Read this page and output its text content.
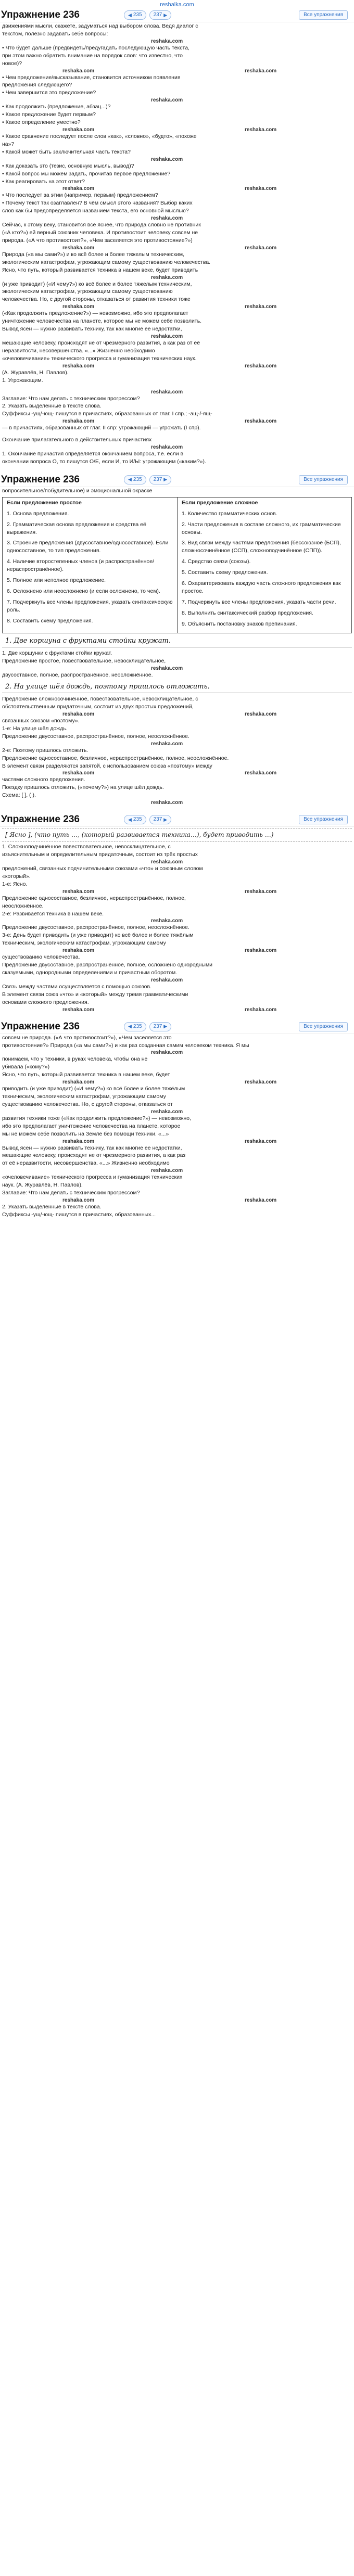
reshalka.com
Упражнение 236	◀ 235 237 ▶	Все упражнения

движениями мысли, скажете, задуматься над выбором слова. Ведя диалог с

текстом, полезно задавать себе вопросы:

reshaka.com

• Что будет дальше (предвидеть/предугадать последующую часть текста,

при этом важно обратить внимание на порядок слов: что известно, что

новое)?

reshaka.com	reshaka.com

• Чем предложение/высказывание, становится источником появления

предложения следующего?

• Чем завершится это предложение?

reshaka.com

• Как продолжить (предложение, абзац...)?

• Какое предложение будет первым?

• Какое определение уместно?

reshaka.com	reshaka.com

• Какое сравнение последует после слов «как», «словно», «будто», «похоже

на»?

• Какой может быть заключительная часть текста?

reshaka.com

• Как доказать это (тезис, основную мысль, вывод)?

• Какой вопрос мы можем задать, прочитав первое предложение?

• Как реагировать на этот ответ?

reshaka.com	reshaka.com

• Что последует за этим (например, первым) предложением?

• Почему текст так озаглавлен? В чём смысл этого названия? Выбор каких

слов как бы предопределяется названием текста, его основной мыслью?

reshaka.com

Сейчас, к этому веку, становится всё яснее, что природа словно не противник

(«А кто?») ей верный союзник человека. И противостоит человеку совсем не

природа. («А что противостоит?», «Чем заселяется это противостояние?»)

reshaka.com	reshaka.com

Природа («а мы сами?») и ко всё более и более тяжелым техническим,

экологическим катастрофам, угрожающим самому существованию человечества.

Ясно, что путь, который развивается техника в нашем веке, будет приводить

reshaka.com

(и уже приводит) («И чему?») ко всё более и более тяжелым техническим,

экологическим катастрофам, угрожающим самому существованию

человечества. Но, с другой стороны, отказаться от развития техники тоже

reshaka.com	reshaka.com

(«Как продолжить предложение?») — невозможно, ибо это предполагает

уничтожение человечества на планете, которое мы не можем себе позволить.

Вывод ясен — нужно развивать технику, так как многие ее недостатки,

reshaka.com

мешающие человеку, происходят не от чрезмерного развития, а как раз от её

неразвитости, несовершенства. «...» Жизненно необходимо

«очеловечивание» технического прогресса и гуманизация технических наук.

reshaka.com	reshaka.com

(А. Журавлёв, Н. Павлов).

1. Угрожающим.

reshaka.com

Заглавие: Что нам делать с техническим прогрессом?

2. Указать выделенные в тексте слова.

Суффиксы -ущ/-ющ- пишутся в причастиях, образованных от глаг. I спр.; -ащ-/-ящ-

reshaka.com	reshaka.com

— в причастиях, образованных от глаг. II спр: угрожающий — угрожать (I спр).

Окончание прилагательного в действительных причастиях

reshaka.com

1. Окончание причастия определяется окончанием вопроса, т.е. если в

окончании вопроса О, то пишутся О/Е, если И, то И/Ы: угрожающим («каким?»).

Упражнение 236	◀ 235 237 ▶	Все упражнения

вопросительное/побудительное) и эмоциональной окраске

Если предложение простое

1. Основа предложения.

2. Грамматическая основа предложения и средства её выражения.

3. Строение предложения (двусоставное/односоставное). Если односоставное, то тип предложения.

4. Наличие второстепенных членов (и распространённое/нераспространённое).

5. Полное или неполное предложение.

6. Осложнено или неосложнено (и если осложнено, то чем).

7. Подчеркнуть все члены предложения, указать синтаксическую роль.

8. Составить схему предложения.

Если предложение сложное

1. Количество грамматических основ.

2. Части предложения в составе сложного, их грамматические основы.

3. Вид связи между частями предложения (бессоюзное (БСП), сложносочинённое (ССП), сложноподчинённое (СПП)).

4. Средство связи (союзы).

5. Составить схему предложения.

6. Охарактеризовать каждую часть сложного предложения как простое.

7. Подчеркнуть все члены предложения, указать части речи.

8. Выполнить синтаксический разбор предложения.

9. Объяснить постановку знаков препинания.

1. Две коршуна с фруктами стойки кружат.

1. Две коршунки с фруктами стойки кружат.

Предложение простое, повествовательное, невосклицательное,

reshaka.com

двусоставное, полное, распространённое, неосложнённое.

2. На улице шёл дождь, поэтому пришлось отложить.

Предложение сложносочинённое, повествовательное, невосклицательное, с

обстоятельственным придаточным, состоит из двух простых предложений,

reshaka.com	reshaka.com

связанных союзом «поэтому».

1-е: На улице шёл дождь.

Предложение двусоставное, распространённое, полное, неосложнённое.

reshaka.com

2-е: Поэтому пришлось отложить.

Предложение односоставное, безличное, нераспространённое, полное, неосложнённое.

В элемент связи разделяются запятой, с использованием союза «поэтому» между

reshaka.com	reshaka.com

частями сложного предложения.

Поездку пришлось отложить, («почему?») на улице шёл дождь.

Схема: [ ], ( ).

reshaka.com
Упражнение 236	◀ 235 237 ▶	Все упражнения
[ Ясно ], (что путь …, (который развивается техника…), будет приводить …)

1. Сложноподчинённое повествовательное, невосклицательное, с

изъяснительным и определительным придаточным, состоит из трёх простых

reshaka.com

предложений, связанных подчинительными союзами «что» и союзным словом

«который».

1-е: Ясно.

reshaka.com	reshaka.com

Предложение односоставное, безличное, нераспространённое, полное,

неосложнённое.

2-е: Развивается техника в нашем веке.

reshaka.com

Предложение двусоставное, распространённое, полное, неосложнённое.

3-е: День будет приводить (и уже приводит) ко всё более и более тяжёлым

техническим, экологическим катастрофам, угрожающим самому

reshaka.com	reshaka.com

существованию человечества.

Предложение двусоставное, распространённое, полное, осложнено однородными

сказуемыми, однородными определениями и причастным оборотом.

reshaka.com

Связь между частями осуществляется с помощью союзов.

В элемент связи союз «что» и «который» между тремя грамматическими

основами сложного предложения.

reshaka.com	reshaka.com
Упражнение 236	◀ 235 237 ▶	Все упражнения

совсем не природа. («А что противостоит?»), «Чем заселяется это

противостояние?» Природа («а мы сами?») и как раз созданная самим человеком техника. Я мы

reshaka.com

понимаем, что у техники, в руках человека, чтобы она не

убивала («кому?»)

Ясно, что путь, который развивается техника в нашем веке, будет

reshaka.com	reshaka.com

приводить (и уже приводит) («И чему?») ко всё более и более тяжёлым

техническим, экологическим катастрофам, угрожающим самому

существованию человечества. Но, с другой стороны, отказаться от

reshaka.com

развития техники тоже («Как продолжить предложение?») — невозможно,

ибо это предполагает уничтожение человечества на планете, которое

мы не можем себе позволить на Земле без помощи техники. «...»

reshaka.com	reshaka.com

Вывод ясен — нужно развивать технику, так как многие ее недостатки,

мешающие человеку, происходят не от чрезмерного развития, а как раз

от её неразвитости, несовершенства. «...» Жизненно необходимо

reshaka.com

«очеловечивание» технического прогресса и гуманизация технических

наук. (А. Журавлёв, Н. Павлов).

Заглавие: Что нам делать с техническим прогрессом?

reshaka.com	reshaka.com

2. Указать выделенные в тексте слова.

Суффиксы -ущ/-ющ- пишутся в причастиях, образованных...
